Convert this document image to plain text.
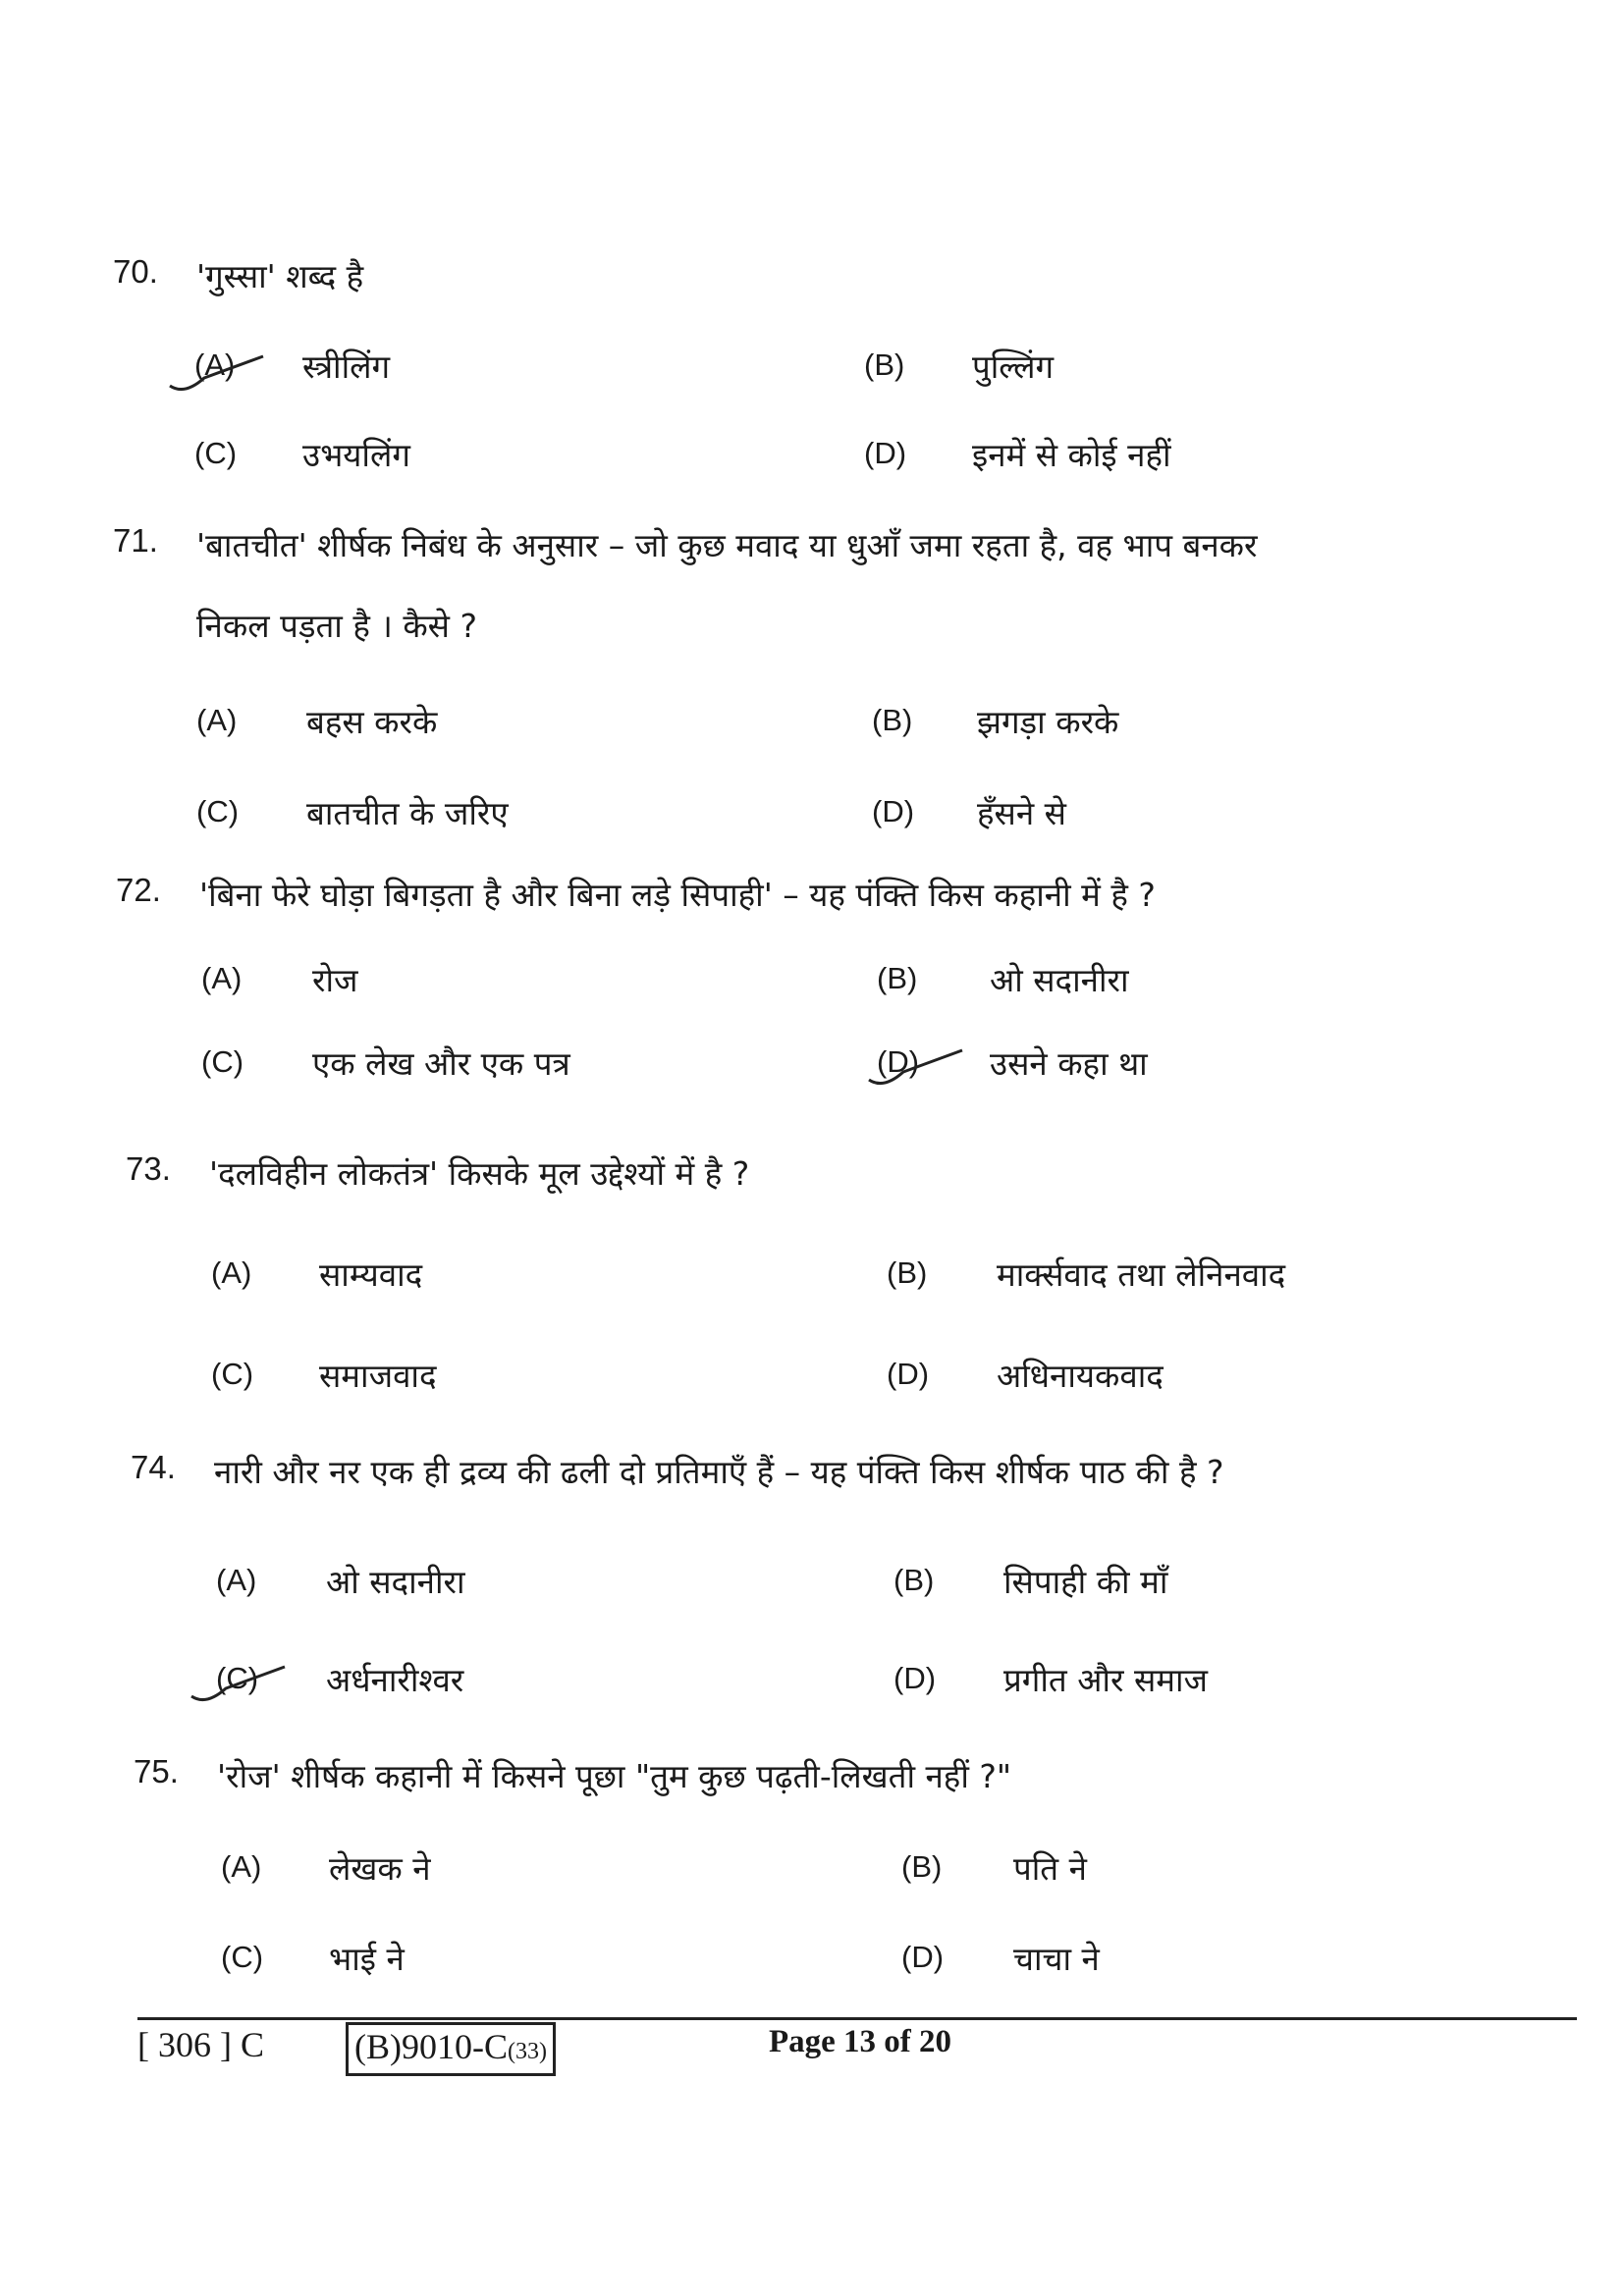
70. 'गुस्सा' शब्द है
(A) स्त्रीलिंग	(B) पुल्लिंग
(C) उभयलिंग	(D) इनमें से कोई नहीं
71. 'बातचीत' शीर्षक निबंध के अनुसार – जो कुछ मवाद या धुआँ जमा रहता है, वह भाप बनकर
निकल पड़ता है । कैसे ?
(A) बहस करके	(B) झगड़ा करके
(C) बातचीत के जरिए	(D) हँसने से
72. 'बिना फेरे घोड़ा बिगड़ता है और बिना लड़े सिपाही' – यह पंक्ति किस कहानी में है ?
(A) रोज	(B) ओ सदानीरा
(C) एक लेख और एक पत्र	(D) उसने कहा था
73. 'दलविहीन लोकतंत्र' किसके मूल उद्देश्यों में है ?
(A) साम्यवाद	(B) मार्क्सवाद तथा लेनिनवाद
(C) समाजवाद	(D) अधिनायकवाद
74. नारी और नर एक ही द्रव्य की ढली दो प्रतिमाएँ हैं – यह पंक्ति किस शीर्षक पाठ की है ?
(A) ओ सदानीरा	(B) सिपाही की माँ
(C) अर्धनारीश्वर	(D) प्रगीत और समाज
75. 'रोज' शीर्षक कहानी में किसने पूछा "तुम कुछ पढ़ती-लिखती नहीं ?"
(A) लेखक ने	(B) पति ने
(C) भाई ने	(D) चाचा ने
[ 306 ] C	(B)9010-C(33)	Page 13 of 20
